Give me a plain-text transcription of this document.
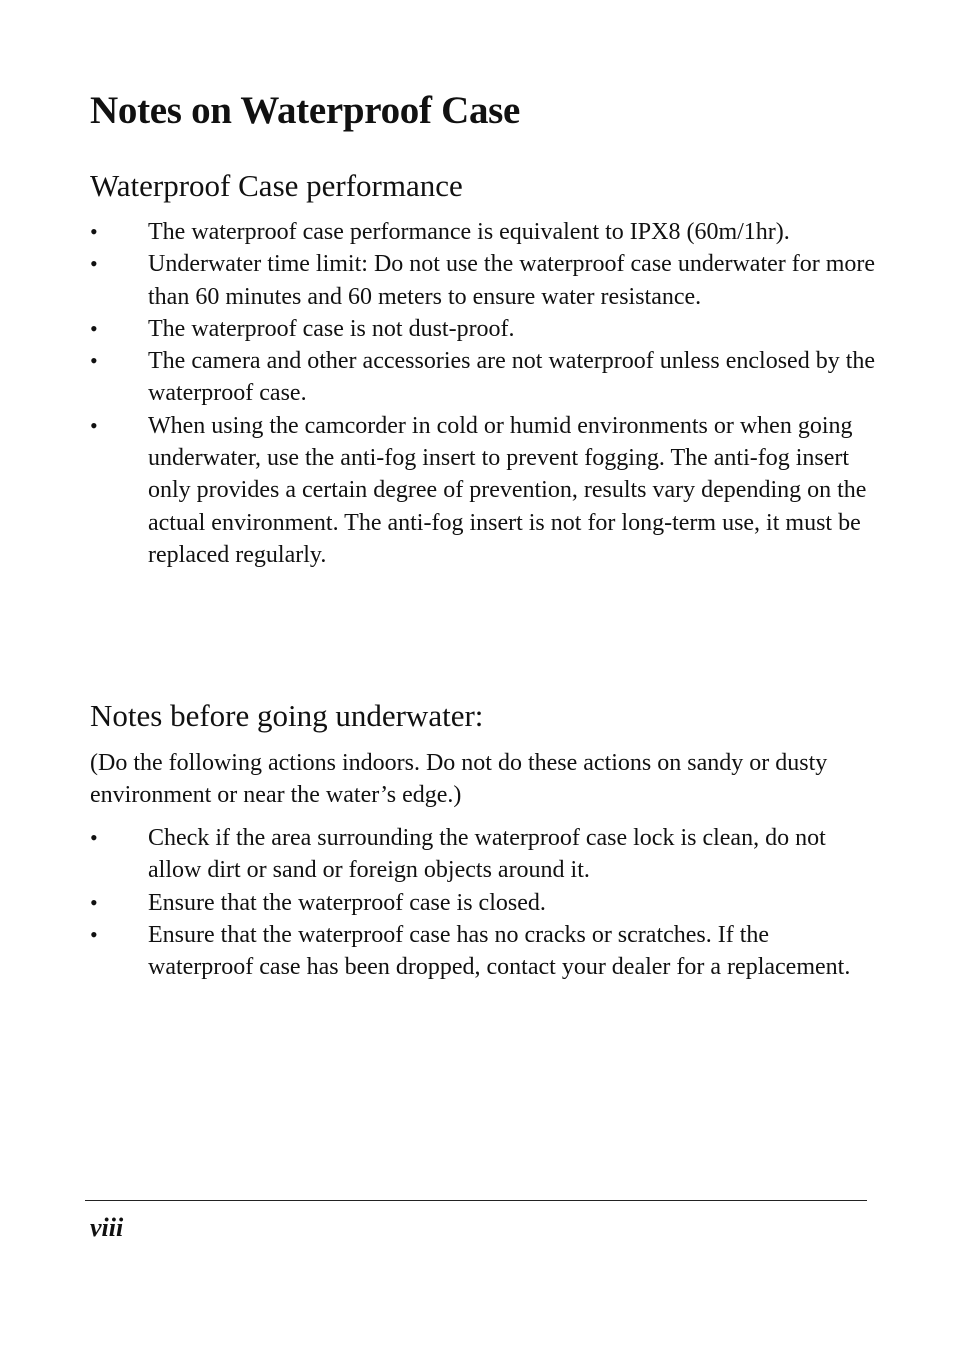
Notes on Waterproof Case
Waterproof Case performance
• The waterproof case performance is equivalent to IPX8 (60m/1hr).
• Underwater time limit: Do not use the waterproof case underwater for more than 60 minutes and 60 meters to ensure water resistance.
• The waterproof case is not dust-proof.
• The camera and other accessories are not waterproof unless enclosed by the waterproof case.
• When using the camcorder in cold or humid environments or when going underwater, use the anti-fog insert to prevent fogging. The anti-fog insert only provides a certain degree of prevention, results vary depending on the actual environment. The anti-fog insert is not for long-term use, it must be replaced regularly.
Notes before going underwater:

(Do the following actions indoors. Do not do these actions on sandy or dusty environment or near the water’s edge.)

• Check if the area surrounding the waterproof case lock is clean, do not allow dirt or sand or foreign objects around it.
• Ensure that the waterproof case is closed.
• Ensure that the waterproof case has no cracks or scratches. If the waterproof case has been dropped, contact your dealer for a replacement.
viii
